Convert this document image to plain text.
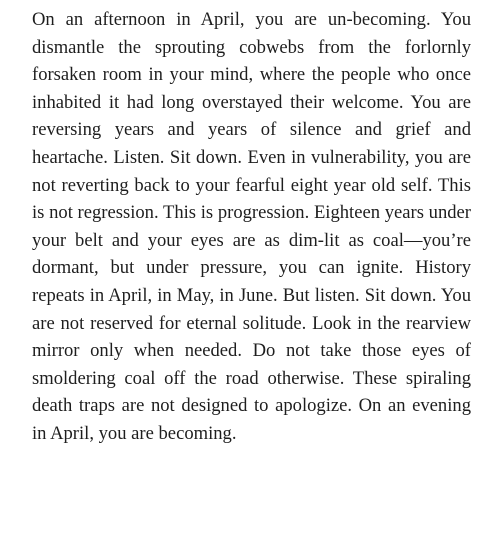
On an afternoon in April, you are un-becoming. You dismantle the sprouting cobwebs from the forlornly forsaken room in your mind, where the people who once inhabited it had long overstayed their welcome. You are reversing years and years of silence and grief and heartache. Listen. Sit down. Even in vulnerability, you are not reverting back to your fearful eight year old self. This is not regression. This is progression. Eighteen years under your belt and your eyes are as dim-lit as coal—you’re dormant, but under pressure, you can ignite. History repeats in April, in May, in June. But listen. Sit down. You are not reserved for eternal solitude. Look in the rearview mirror only when needed. Do not take those eyes of smoldering coal off the road otherwise. These spiraling death traps are not designed to apologize. On an evening in April, you are becoming.
